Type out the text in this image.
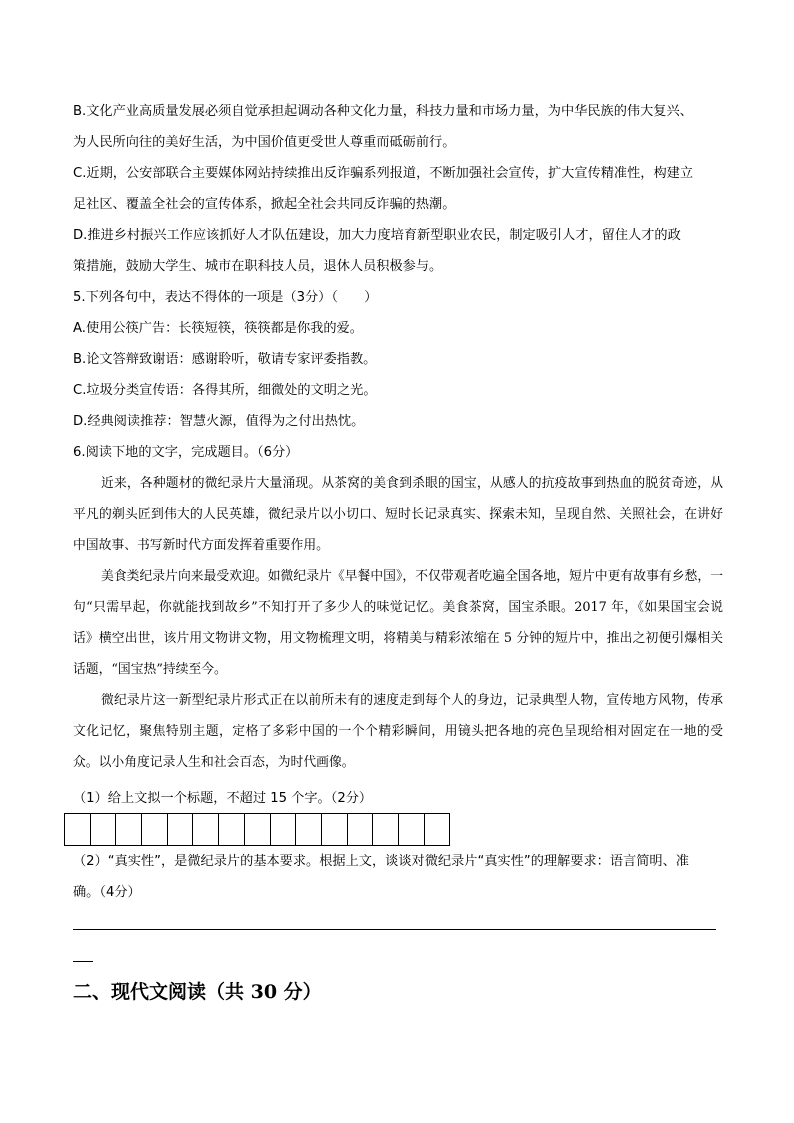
B.文化产业高质量发展必须自觉承担起调动各种文化力量，科技力量和市场力量，为中华民族的伟大复兴、
为人民所向往的美好生活，为中国价值更受世人尊重而砥砺前行。
C.近期，公安部联合主要媒体网站持续推出反诈骗系列报道，不断加强社会宣传，扩大宣传精准性，构建立
足社区、覆盖全社会的宣传体系，掀起全社会共同反诈骗的热潮。
D.推进乡村振兴工作应该抓好人才队伍建设，加大力度培育新型职业农民，制定吸引人才，留住人才的政
策措施，鼓励大学生、城市在职科技人员，退休人员积极参与。
5.下列各句中，表达不得体的一项是（3分）（　　）
A.使用公筷广告：长筷短筷，筷筷都是你我的爱。
B.论文答辩致谢语：感谢聆听，敬请专家评委指教。
C.垃圾分类宣传语：各得其所，细微处的文明之光。
D.经典阅读推荐：智慧火源，值得为之付出热忱。
6.阅读下地的文字，完成题目。（6分）

近来，各种题材的微纪录片大量涌现。从茶窝的美食到杀眼的国宝，从感人的抗疫故事到热血的脱贫奇迹，从平凡的剃头匠到伟大的人民英雄，微纪录片以小切口、短时长记录真实、探索未知，呈现自然、关照社会，在讲好中国故事、书写新时代方面发挥着重要作用。

美食类纪录片向来最受欢迎。如微纪录片《早餐中国》，不仅带观者吃遍全国各地，短片中更有故事有乡愁，一句“只需早起，你就能找到故乡”不知打开了多少人的味觉记忆。美食茶窝，国宝杀眼。2017 年，《如果国宝会说话》横空出世，该片用文物讲文物，用文物梳理文明，将精美与精彩浓缩在 5 分钟的短片中，推出之初便引爆相关话题，“国宝热”持续至今。

微纪录片这一新型纪录片形式正在以前所未有的速度走到每个人的身边，记录典型人物，宣传地方风物，传承文化记忆，聚焦特别主题，定格了多彩中国的一个个精彩瞬间，用镜头把各地的亮色呈现给相对固定在一地的受众。以小角度记录人生和社会百态，为时代画像。

（1）给上文拟一个标题，不超过 15 个字。（2分）
（2）“真实性”，是微纪录片的基本要求。根据上文，谈谈对微纪录片“真实性”的理解要求：语言简明、准
确。（4分）
二、现代文阅读（共 30 分）
